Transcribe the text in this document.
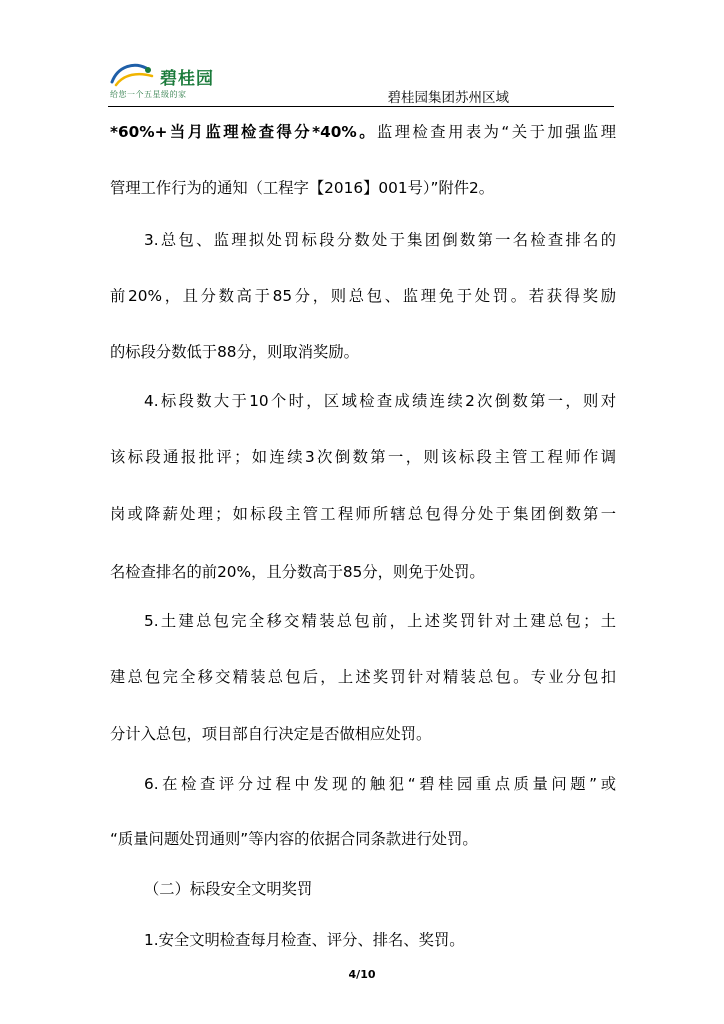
碧桂园
给您一个五星级的家	碧桂园集团苏州区域
*60%+当月监理检查得分*40%。监理检查用表为“关于加强监理
管理工作行为的通知（工程字【2016】001号）”附件2。
3.总包、监理拟处罚标段分数处于集团倒数第一名检查排名的
前20%，且分数高于85分，则总包、监理免于处罚。若获得奖励
的标段分数低于88分，则取消奖励。
4.标段数大于10个时，区域检查成绩连续2次倒数第一，则对
该标段通报批评；如连续3次倒数第一，则该标段主管工程师作调
岗或降薪处理；如标段主管工程师所辖总包得分处于集团倒数第一
名检查排名的前20%，且分数高于85分，则免于处罚。
5.土建总包完全移交精装总包前，上述奖罚针对土建总包；土
建总包完全移交精装总包后，上述奖罚针对精装总包。专业分包扣
分计入总包，项目部自行决定是否做相应处罚。
6.在检查评分过程中发现的触犯“碧桂园重点质量问题”或
“质量问题处罚通则”等内容的依据合同条款进行处罚。
（二）标段安全文明奖罚
1.安全文明检查每月检查、评分、排名、奖罚。
4/10
